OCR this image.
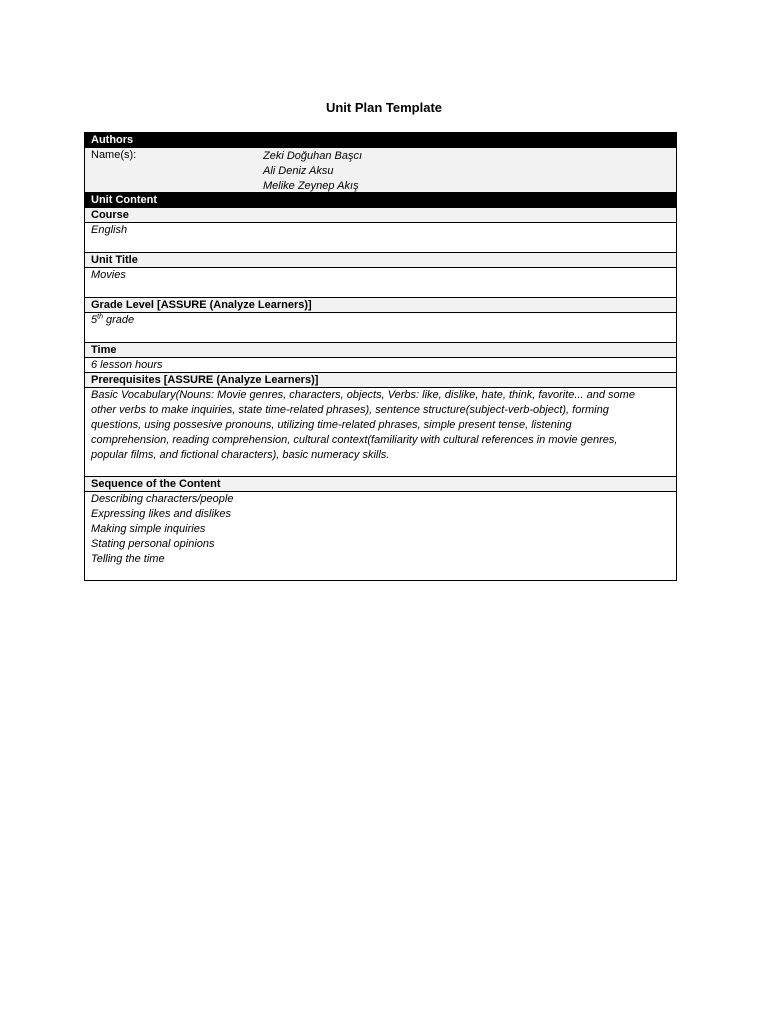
Unit Plan Template
Authors
Name(s):	Zeki Doğuhan Başcı
Ali Deniz Aksu
Melike Zeynep Akış
Unit Content
Course
English
Unit Title
Movies
Grade Level [ASSURE (Analyze Learners)]
5th grade
Time
6 lesson hours
Prerequisites [ASSURE (Analyze Learners)]
Basic Vocabulary(Nouns: Movie genres, characters, objects, Verbs: like, dislike, hate, think, favorite... and some
other verbs to make inquiries, state time-related phrases), sentence structure(subject-verb-object), forming
questions, using possesive pronouns, utilizing time-related phrases, simple present tense, listening
comprehension, reading comprehension, cultural context(familiarity with cultural references in movie genres,
popular films, and fictional characters), basic numeracy skills.
Sequence of the Content
Describing characters/people
Expressing likes and dislikes
Making simple inquiries
Stating personal opinions
Telling the time
